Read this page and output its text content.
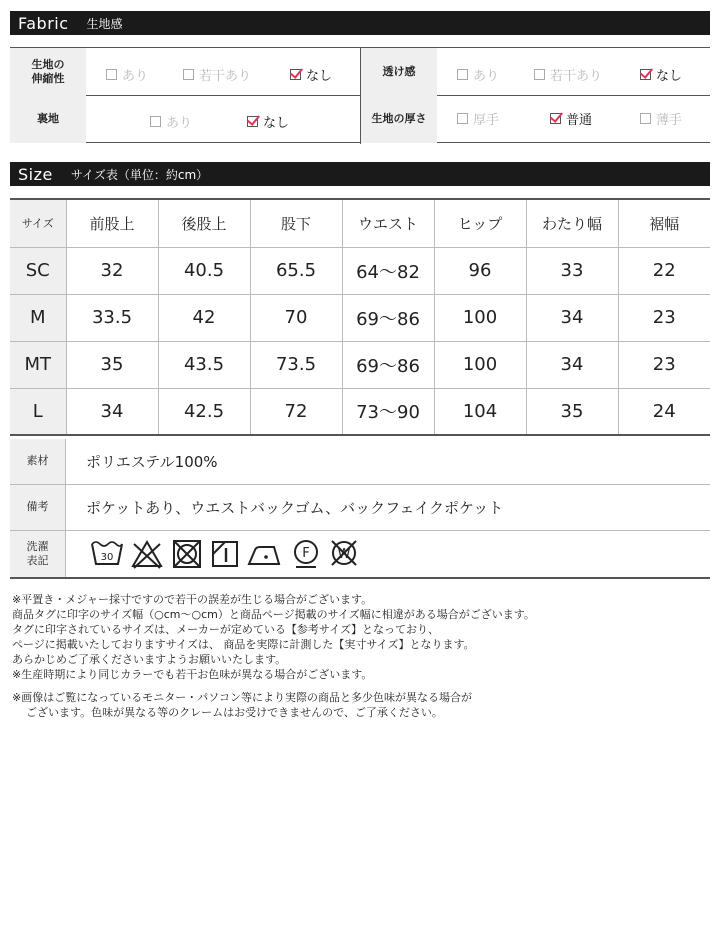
Fabric	生地感
生地の
伸縮性	あり	若干あり	なし	透け感	あり	若干あり	なし
裏地	あり	なし	生地の厚さ	厚手	普通	薄手
Size	サイズ表（単位：約cm）
サイズ	前股上	後股上	股下	ウエスト	ヒップ	わたり幅	裾幅
SC	32	40.5	65.5	64～82	96	33	22
M	33.5	42	70	69～86	100	34	23
MT	35	43.5	73.5	69～86	100	34	23
L	34	42.5	72	73～90	104	35	24
素材	ポリエステル100%
備考	ポケットあり、ウエストバックゴム、バックフェイクポケット
洗濯
表記	30	F W

※平置き・メジャー採寸ですので若干の誤差が生じる場合がございます。

商品タグに印字のサイズ幅（○cm～○cm）と商品ページ掲載のサイズ幅に相違がある場合がございます。

タグに印字されているサイズは、メーカーが定めている【参考サイズ】となっており、

ページに掲載いたしておりますサイズは、 商品を実際に計測した【実寸サイズ】となります。

あらかじめご了承くださいますようお願いいたします。

※生産時期により同じカラーでも若干お色味が異なる場合がございます。

※画像はご覧になっているモニター・パソコン等により実際の商品と多少色味が異なる場合が

ございます。色味が異なる等のクレームはお受けできませんので、ご了承ください。
